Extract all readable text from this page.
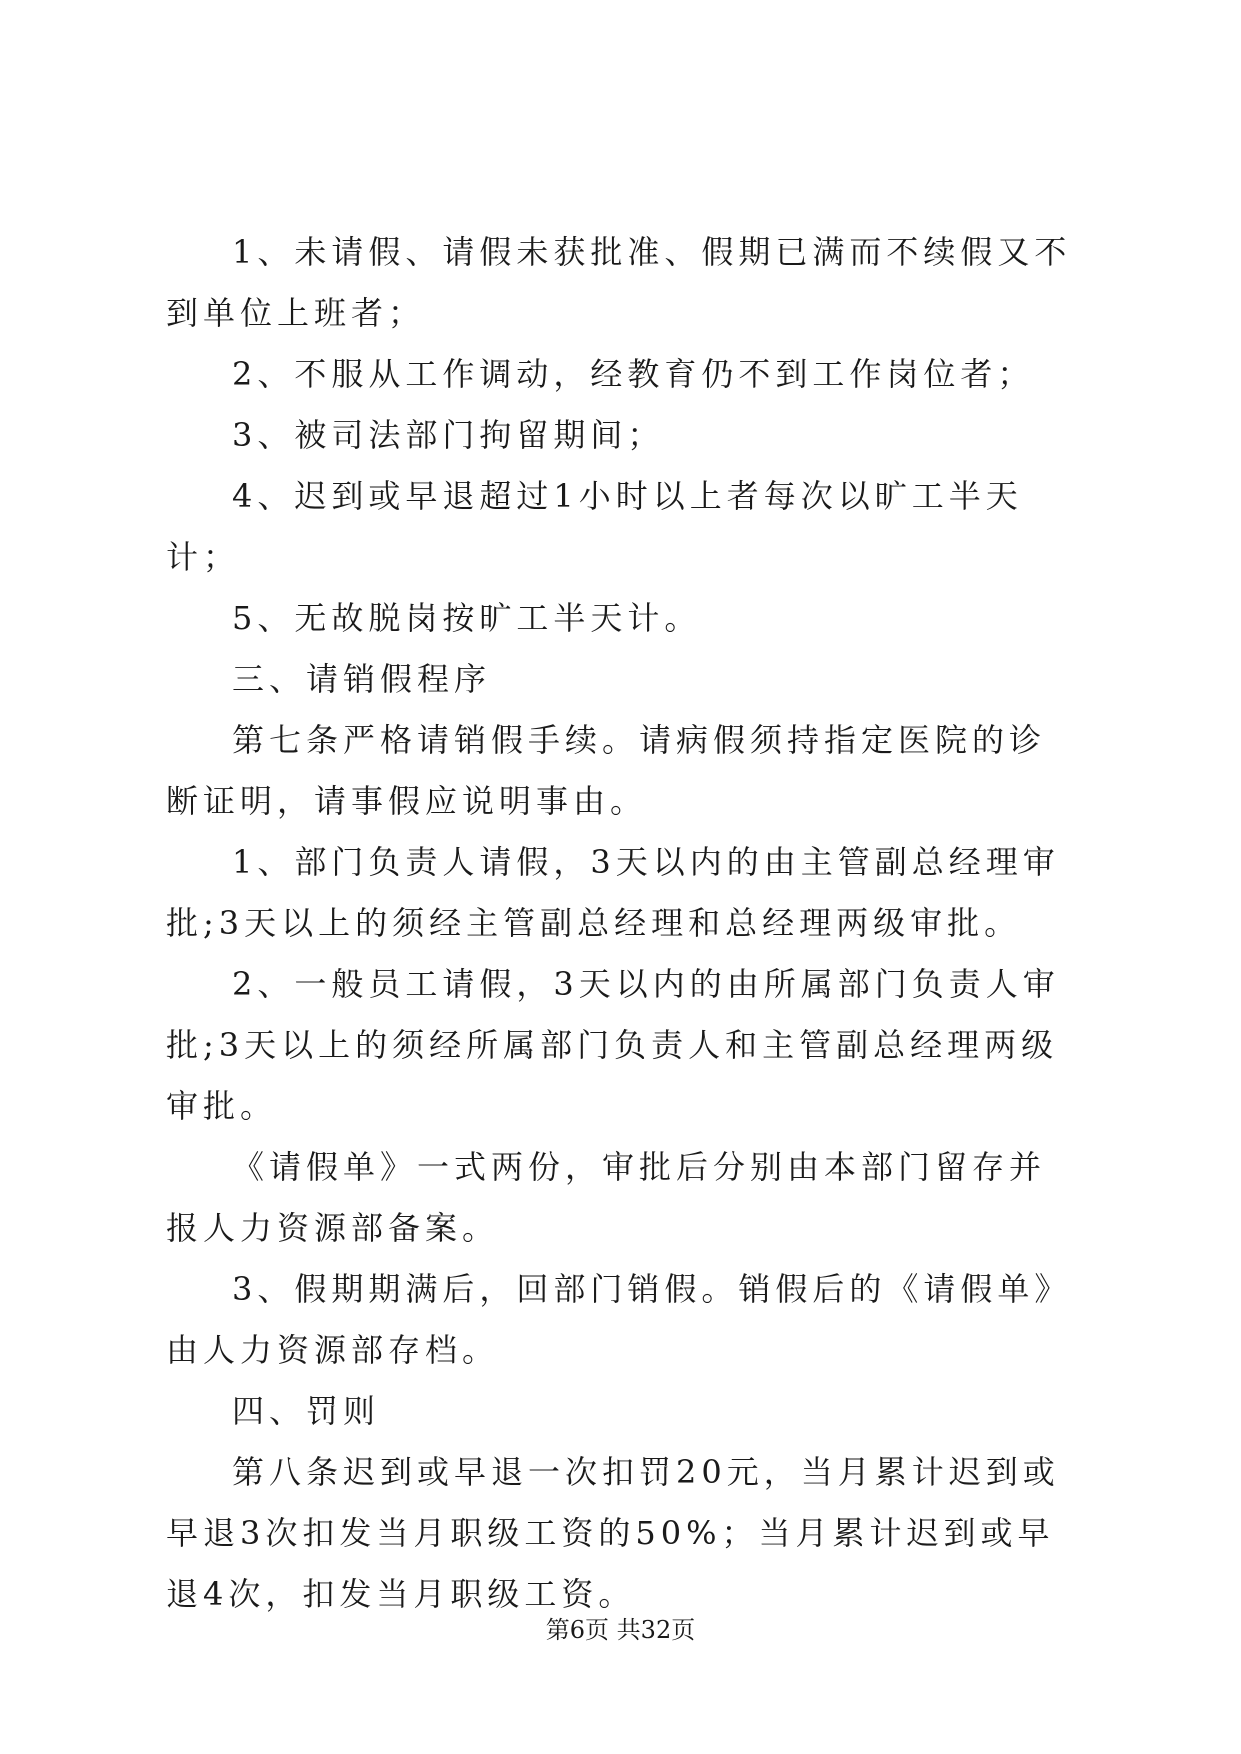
1、未请假、请假未获批准、假期已满而不续假又不到单位上班者；

2、不服从工作调动，经教育仍不到工作岗位者；

3、被司法部门拘留期间；

4、迟到或早退超过1小时以上者每次以旷工半天计；

5、无故脱岗按旷工半天计。

三、请销假程序

第七条严格请销假手续。请病假须持指定医院的诊断证明，请事假应说明事由。

1、部门负责人请假，3天以内的由主管副总经理审批;3天以上的须经主管副总经理和总经理两级审批。

2、一般员工请假，3天以内的由所属部门负责人审批;3天以上的须经所属部门负责人和主管副总经理两级审批。

《请假单》一式两份，审批后分别由本部门留存并报人力资源部备案。

3、假期期满后，回部门销假。销假后的《请假单》由人力资源部存档。

四、罚则

第八条迟到或早退一次扣罚20元，当月累计迟到或早退3次扣发当月职级工资的50%；当月累计迟到或早退4次，扣发当月职级工资。

第6页 共32页
